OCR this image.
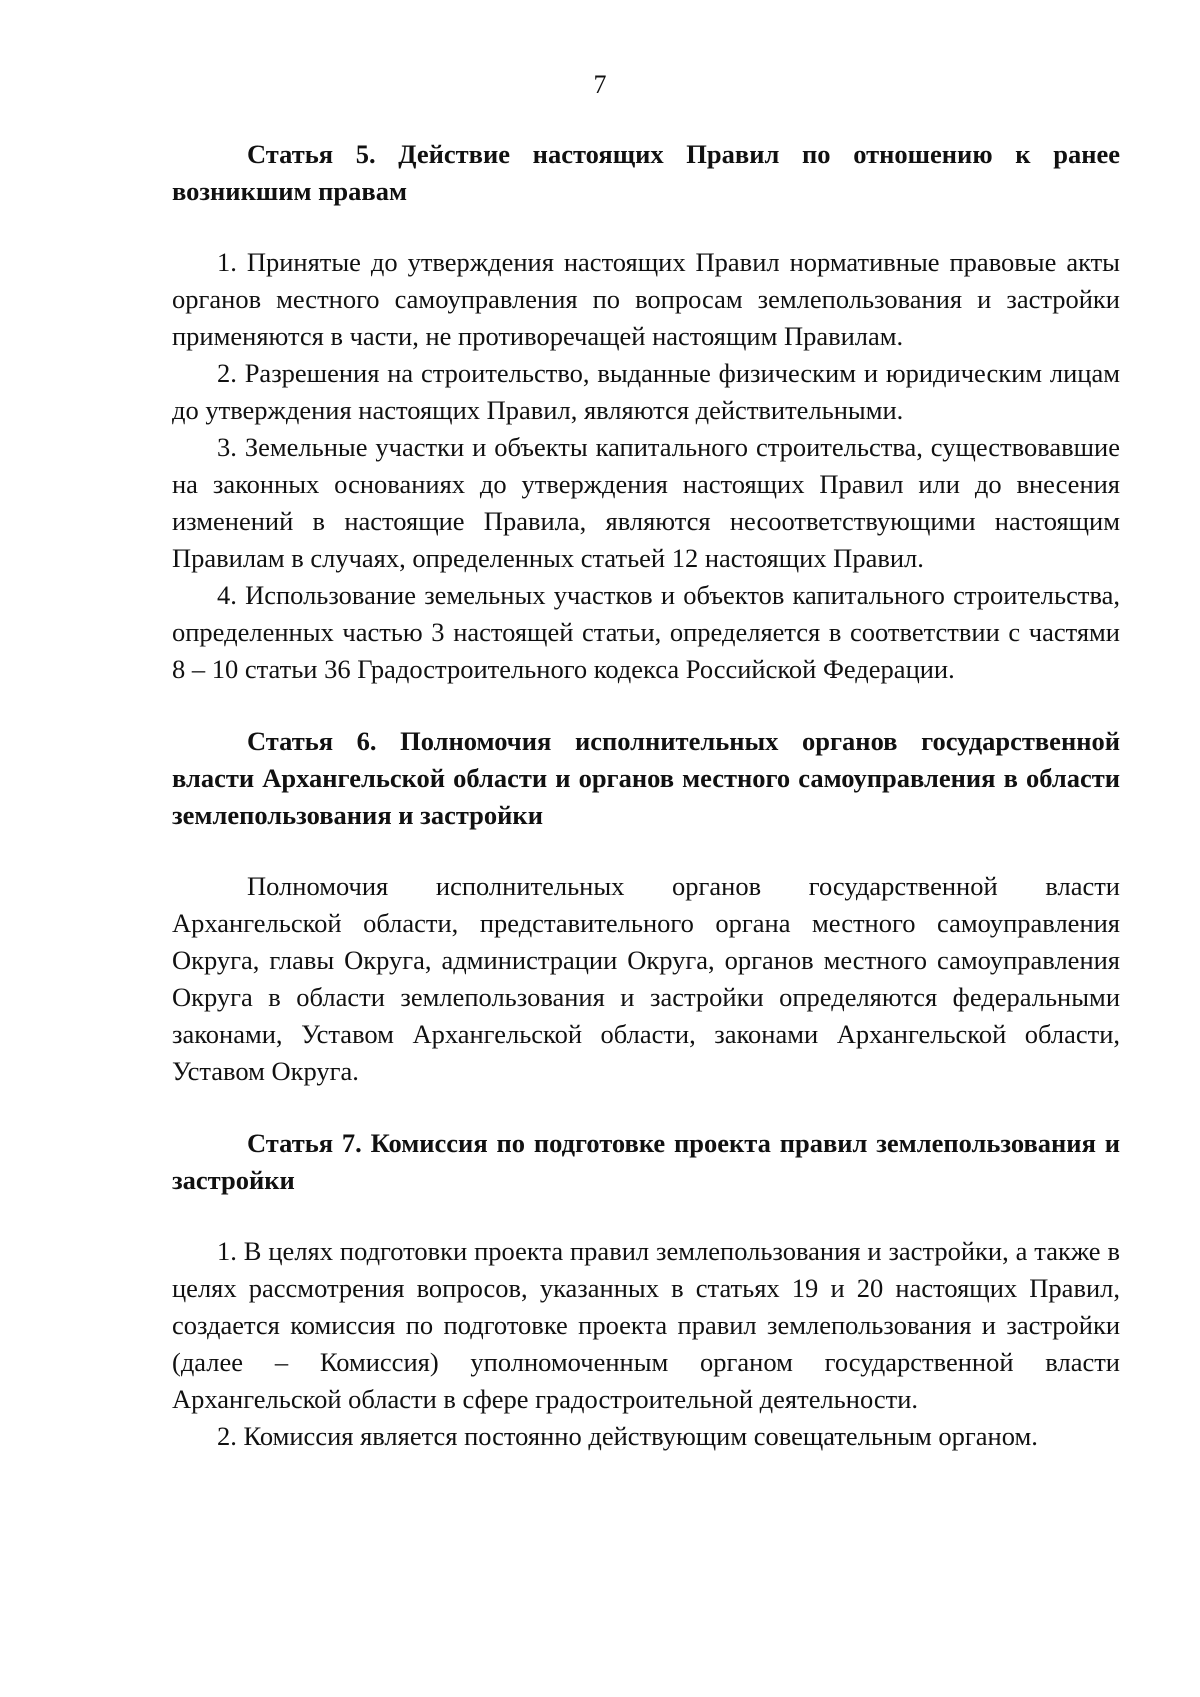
7

Статья 5. Действие настоящих Правил по отношению к ранее возникшим правам

1. Принятые до утверждения настоящих Правил нормативные правовые акты органов местного самоуправления по вопросам землепользования и застройки применяются в части, не противоречащей настоящим Правилам.

2. Разрешения на строительство, выданные физическим и юридическим лицам до утверждения настоящих Правил, являются действительными.

3. Земельные участки и объекты капитального строительства, существовавшие на законных основаниях до утверждения настоящих Правил или до внесения изменений в настоящие Правила, являются несоответствующими настоящим Правилам в случаях, определенных статьей 12 настоящих Правил.

4. Использование земельных участков и объектов капитального строительства, определенных частью 3 настоящей статьи, определяется в соответствии с частями 8 – 10 статьи 36 Градостроительного кодекса Российской Федерации.

Статья 6. Полномочия исполнительных органов государственной власти Архангельской области и органов местного самоуправления в области землепользования и застройки

Полномочия исполнительных органов государственной власти Архангельской области, представительного органа местного самоуправления Округа, главы Округа, администрации Округа, органов местного самоуправления Округа в области землепользования и застройки определяются федеральными законами, Уставом Архангельской области, законами Архангельской области, Уставом Округа.

Статья 7. Комиссия по подготовке проекта правил землепользования и застройки

1. В целях подготовки проекта правил землепользования и застройки, а также в целях рассмотрения вопросов, указанных в статьях 19 и 20 настоящих Правил, создается комиссия по подготовке проекта правил землепользования и застройки (далее – Комиссия) уполномоченным органом государственной власти Архангельской области в сфере градостроительной деятельности.

2. Комиссия является постоянно действующим совещательным органом.
